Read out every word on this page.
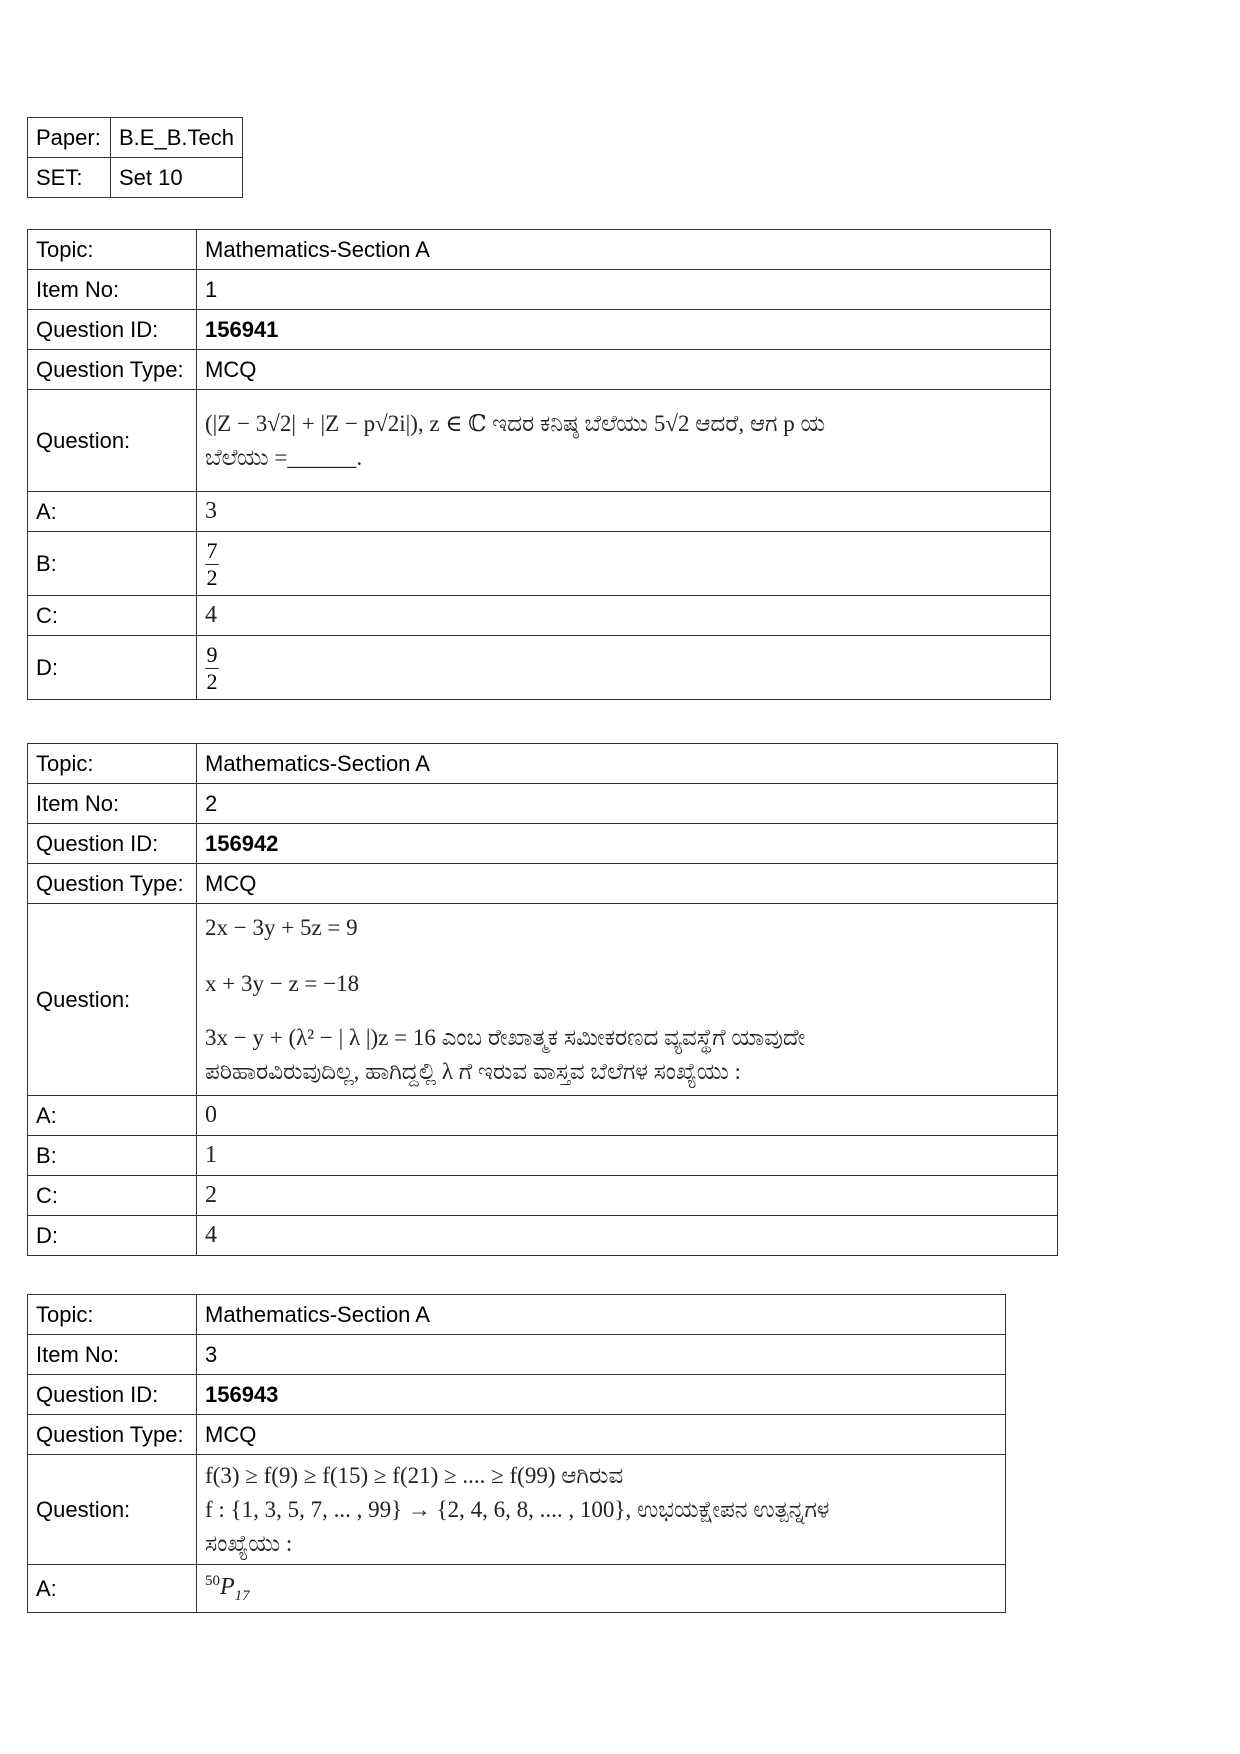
Paper:	B.E_B.Tech
SET:	Set 10
Topic:	Mathematics-Section A
Item No:	1
Question ID:	156941
Question Type:	MCQ
Question:	(|Z − 3√2| + |Z − p√2i|), z ∈ ℂ ಇದರ ಕನಿಷ್ಠ ಬೆಲೆಯು 5√2 ಆದರೆ, ಆಗ p ಯ
ಬೆಲೆಯು =______.

A:	3
B:	$\frac{7}{2}$

C:	4
D:	$\frac{9}{2}$
Topic:	Mathematics-Section A
Item No:	2
Question ID:	156942
Question Type:	MCQ
Question:	2x − 3y + 5z = 9
x + 3y − z = −18
3x − y + (λ² − | λ |)z = 16 ಎಂಬ ರೇಖಾತ್ಮಕ ಸಮೀಕರಣದ ವ್ಯವಸ್ಥೆಗೆ ಯಾವುದೇ
ಪರಿಹಾರವಿರುವುದಿಲ್ಲ, ಹಾಗಿದ್ದಲ್ಲಿ λ ಗೆ ಇರುವ ವಾಸ್ತವ ಬೆಲೆಗಳ ಸಂಖ್ಯೆಯು :

A:	0
B:	1
C:	2
D:	4
Topic:	Mathematics-Section A
Item No:	3
Question ID:	156943
Question Type:	MCQ
Question:	f(3) ≥ f(9) ≥ f(15) ≥ f(21) ≥ .... ≥ f(99) ಆಗಿರುವ
f : {1, 3, 5, 7, ... , 99} → {2, 4, 6, 8, .... , 100}, ಉಭಯಕ್ಷೇಪನ ಉತ್ಪನ್ನಗಳ
ಸಂಖ್ಯೆಯು :

A:	$^{50}P_{17}$
